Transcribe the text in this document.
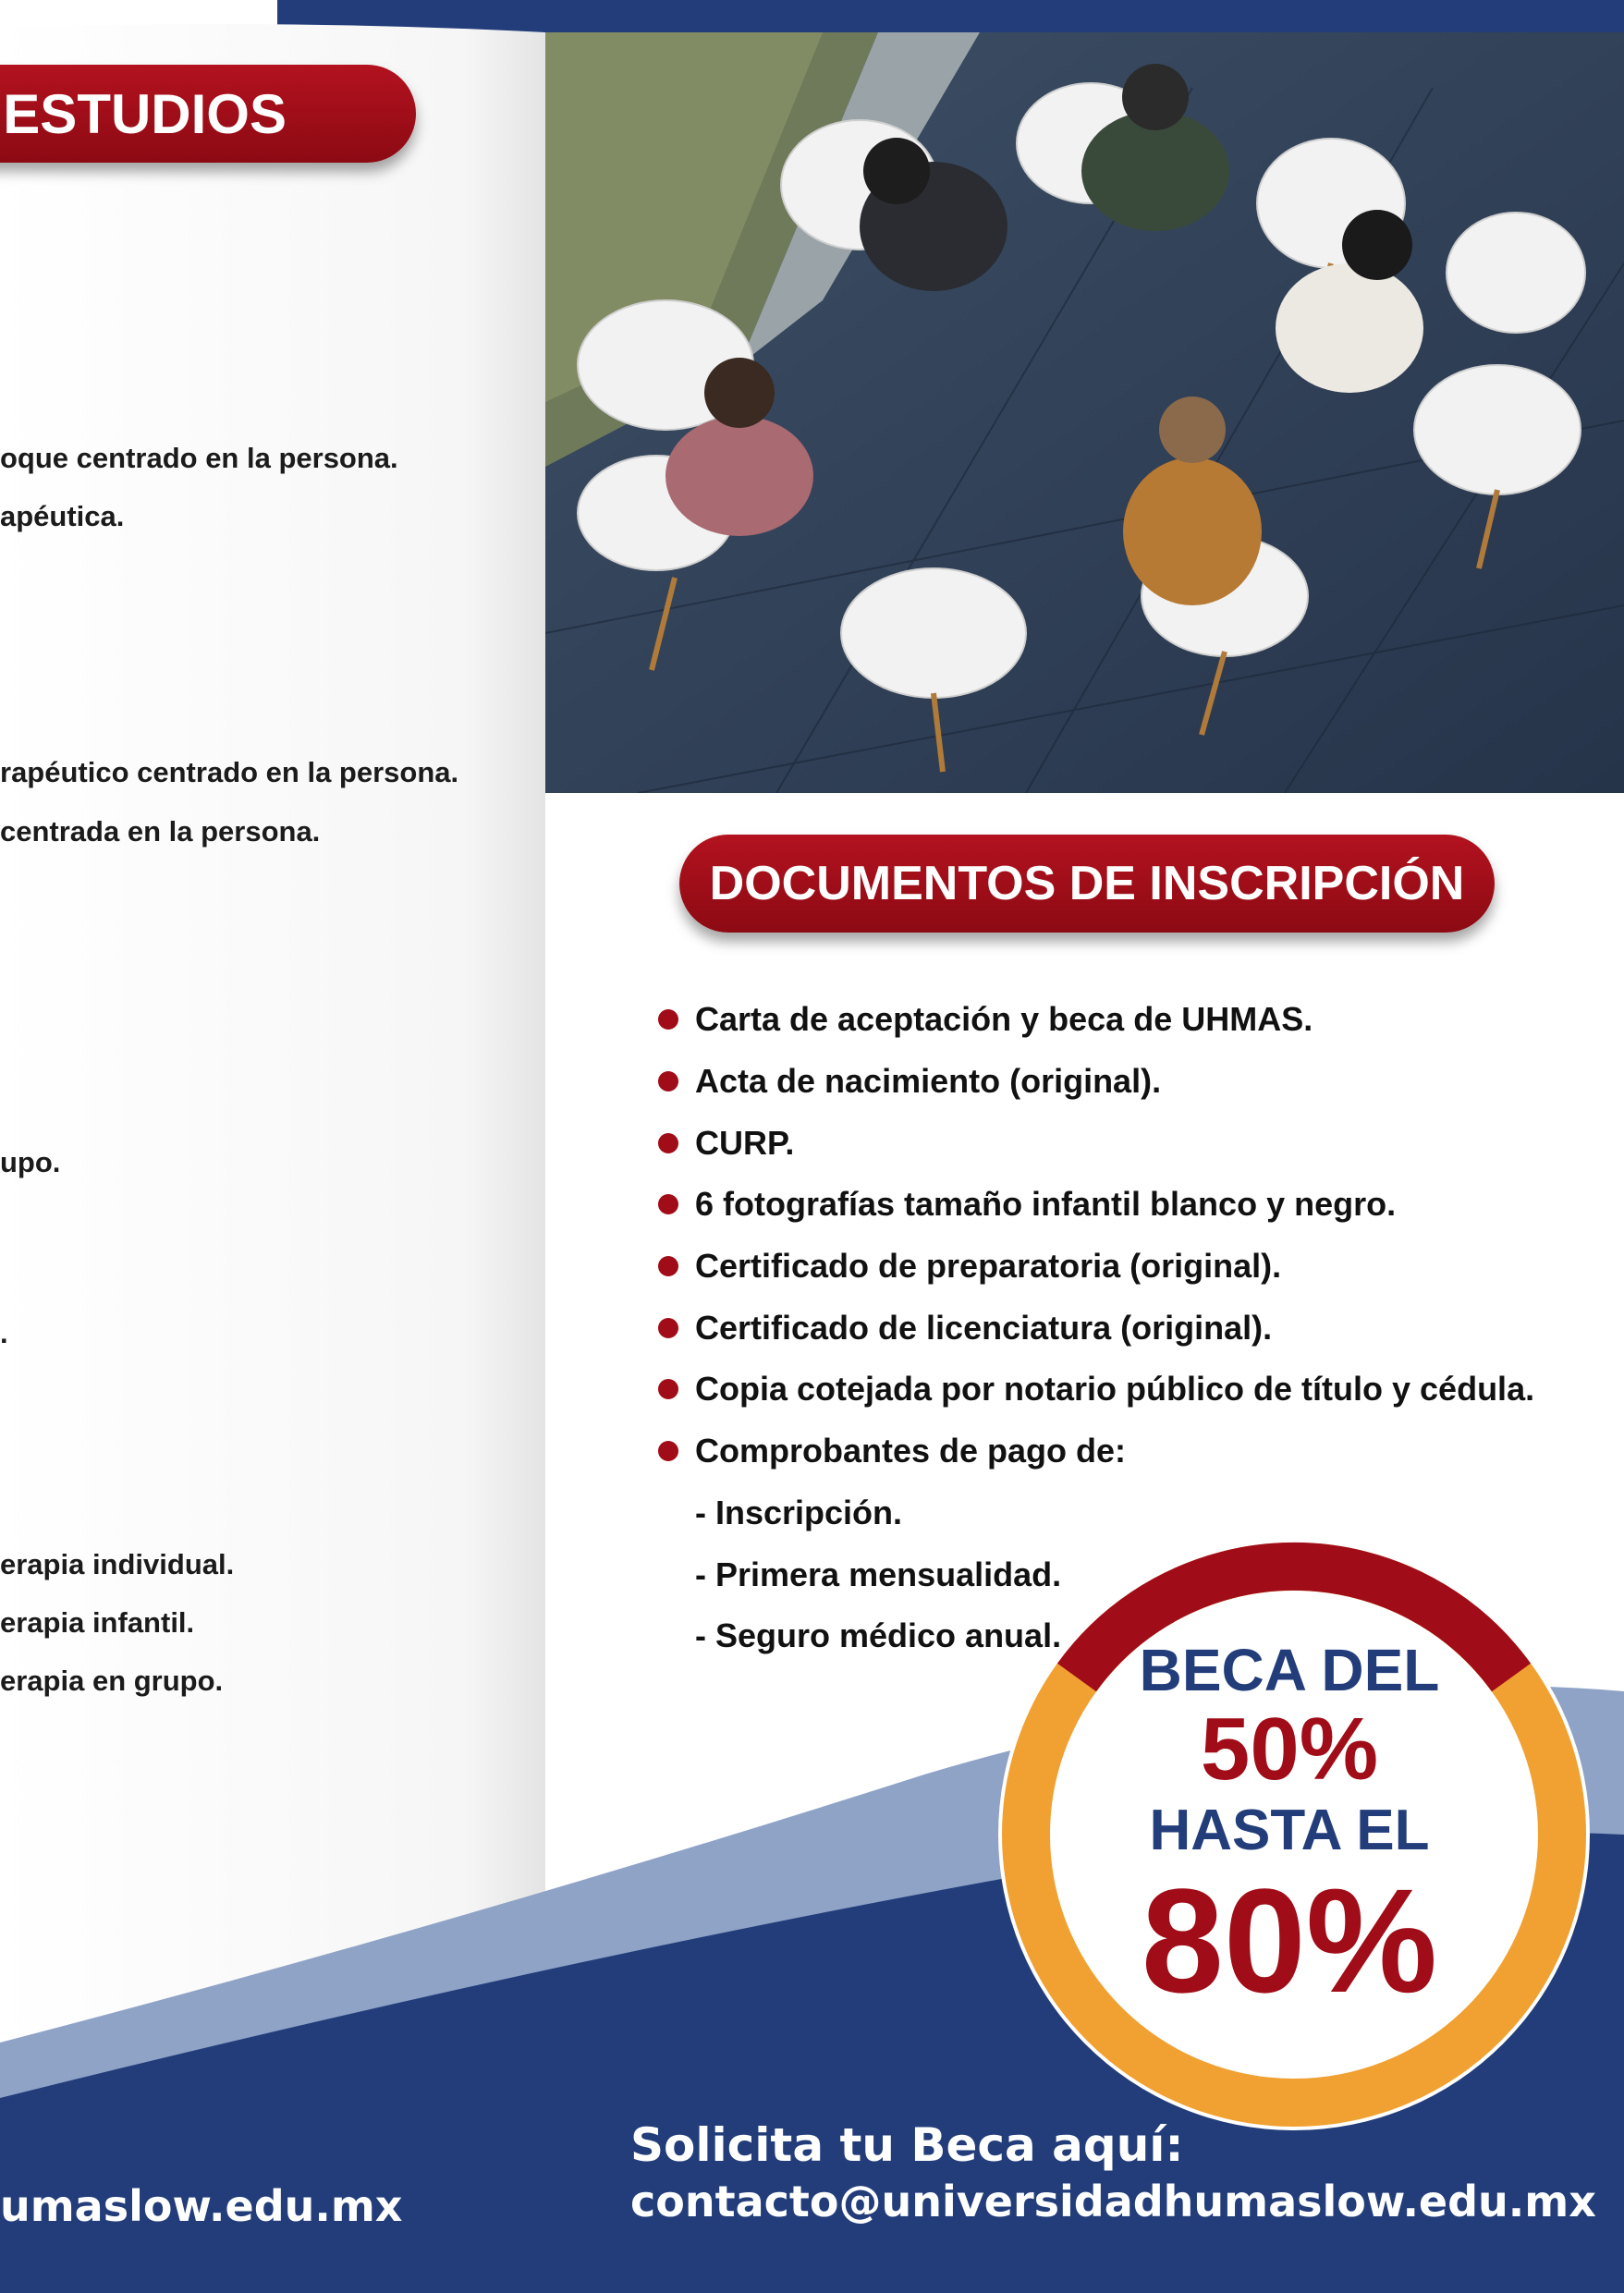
ESTUDIOS
oque centrado en la persona.
apéutica.
rapéutico centrado en la persona.
centrada en la persona.
upo.
.
erapia individual.
erapia infantil.
erapia en grupo.
DOCUMENTOS DE INSCRIPCIÓN
Carta de aceptación y beca de UHMAS.
Acta de nacimiento (original).
CURP.
6 fotografías tamaño infantil blanco y negro.
Certificado de preparatoria (original).
Certificado de licenciatura (original).
Copia cotejada por notario público de título y cédula.
Comprobantes de pago de:
- Inscripción.
- Primera mensualidad.
- Seguro médico anual.
BECA DEL
50%
HASTA EL
80%
Solicita tu Beca aquí:
contacto@universidadhumaslow.edu.mx
umaslow.edu.mx
